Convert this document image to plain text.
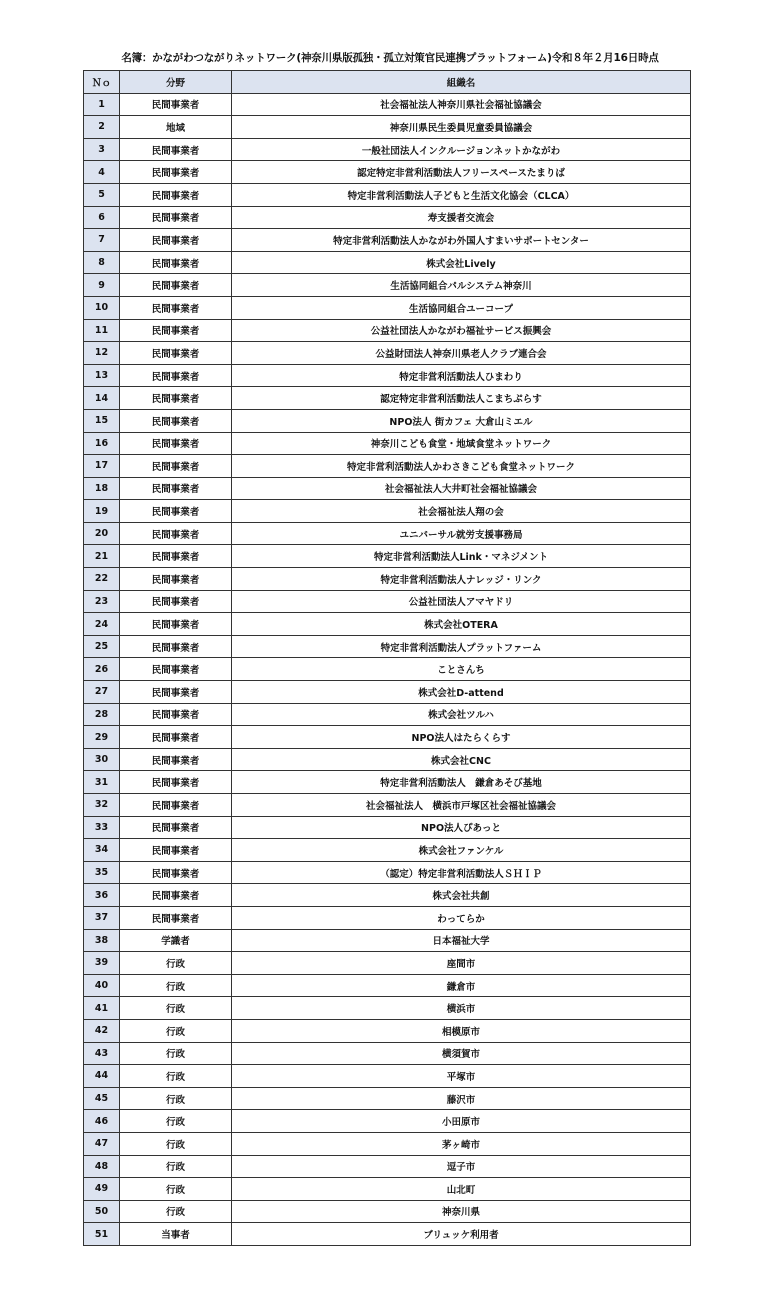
名簿：かながわつながりネットワーク(神奈川県版孤独・孤立対策官民連携プラットフォーム)令和８年２月16日時点
Ｎｏ	分野	組織名
1	民間事業者	社会福祉法人神奈川県社会福祉協議会
2	地域	神奈川県民生委員児童委員協議会
3	民間事業者	一般社団法人インクルージョンネットかながわ
4	民間事業者	認定特定非営利活動法人フリースペースたまりば
5	民間事業者	特定非営利活動法人子どもと生活文化協会（CLCA）
6	民間事業者	寿支援者交流会
7	民間事業者	特定非営利活動法人かながわ外国人すまいサポートセンター
8	民間事業者	株式会社Lively
9	民間事業者	生活協同組合パルシステム神奈川
10	民間事業者	生活協同組合ユーコープ
11	民間事業者	公益社団法人かながわ福祉サービス振興会
12	民間事業者	公益財団法人神奈川県老人クラブ連合会
13	民間事業者	特定非営利活動法人ひまわり
14	民間事業者	認定特定非営利活動法人こまちぷらす
15	民間事業者	NPO法人 街カフェ 大倉山ミエル
16	民間事業者	神奈川こども食堂・地域食堂ネットワーク
17	民間事業者	特定非営利活動法人かわさきこども食堂ネットワーク
18	民間事業者	社会福祉法人大井町社会福祉協議会
19	民間事業者	社会福祉法人翔の会
20	民間事業者	ユニバーサル就労支援事務局
21	民間事業者	特定非営利活動法人Link・マネジメント
22	民間事業者	特定非営利活動法人ナレッジ・リンク
23	民間事業者	公益社団法人アマヤドリ
24	民間事業者	株式会社OTERA
25	民間事業者	特定非営利活動法人プラットファーム
26	民間事業者	ことさんち
27	民間事業者	株式会社D-attend
28	民間事業者	株式会社ツルハ
29	民間事業者	NPO法人はたらくらす
30	民間事業者	株式会社CNC
31	民間事業者	特定非営利活動法人　鎌倉あそび基地
32	民間事業者	社会福祉法人　横浜市戸塚区社会福祉協議会
33	民間事業者	NPO法人ぴあっと
34	民間事業者	株式会社ファンケル
35	民間事業者	（認定）特定非営利活動法人ＳＨＩＰ
36	民間事業者	株式会社共創
37	民間事業者	わってらか
38	学識者	日本福祉大学
39	行政	座間市
40	行政	鎌倉市
41	行政	横浜市
42	行政	相模原市
43	行政	横須賀市
44	行政	平塚市
45	行政	藤沢市
46	行政	小田原市
47	行政	茅ヶ崎市
48	行政	逗子市
49	行政	山北町
50	行政	神奈川県
51	当事者	ブリュッケ利用者
